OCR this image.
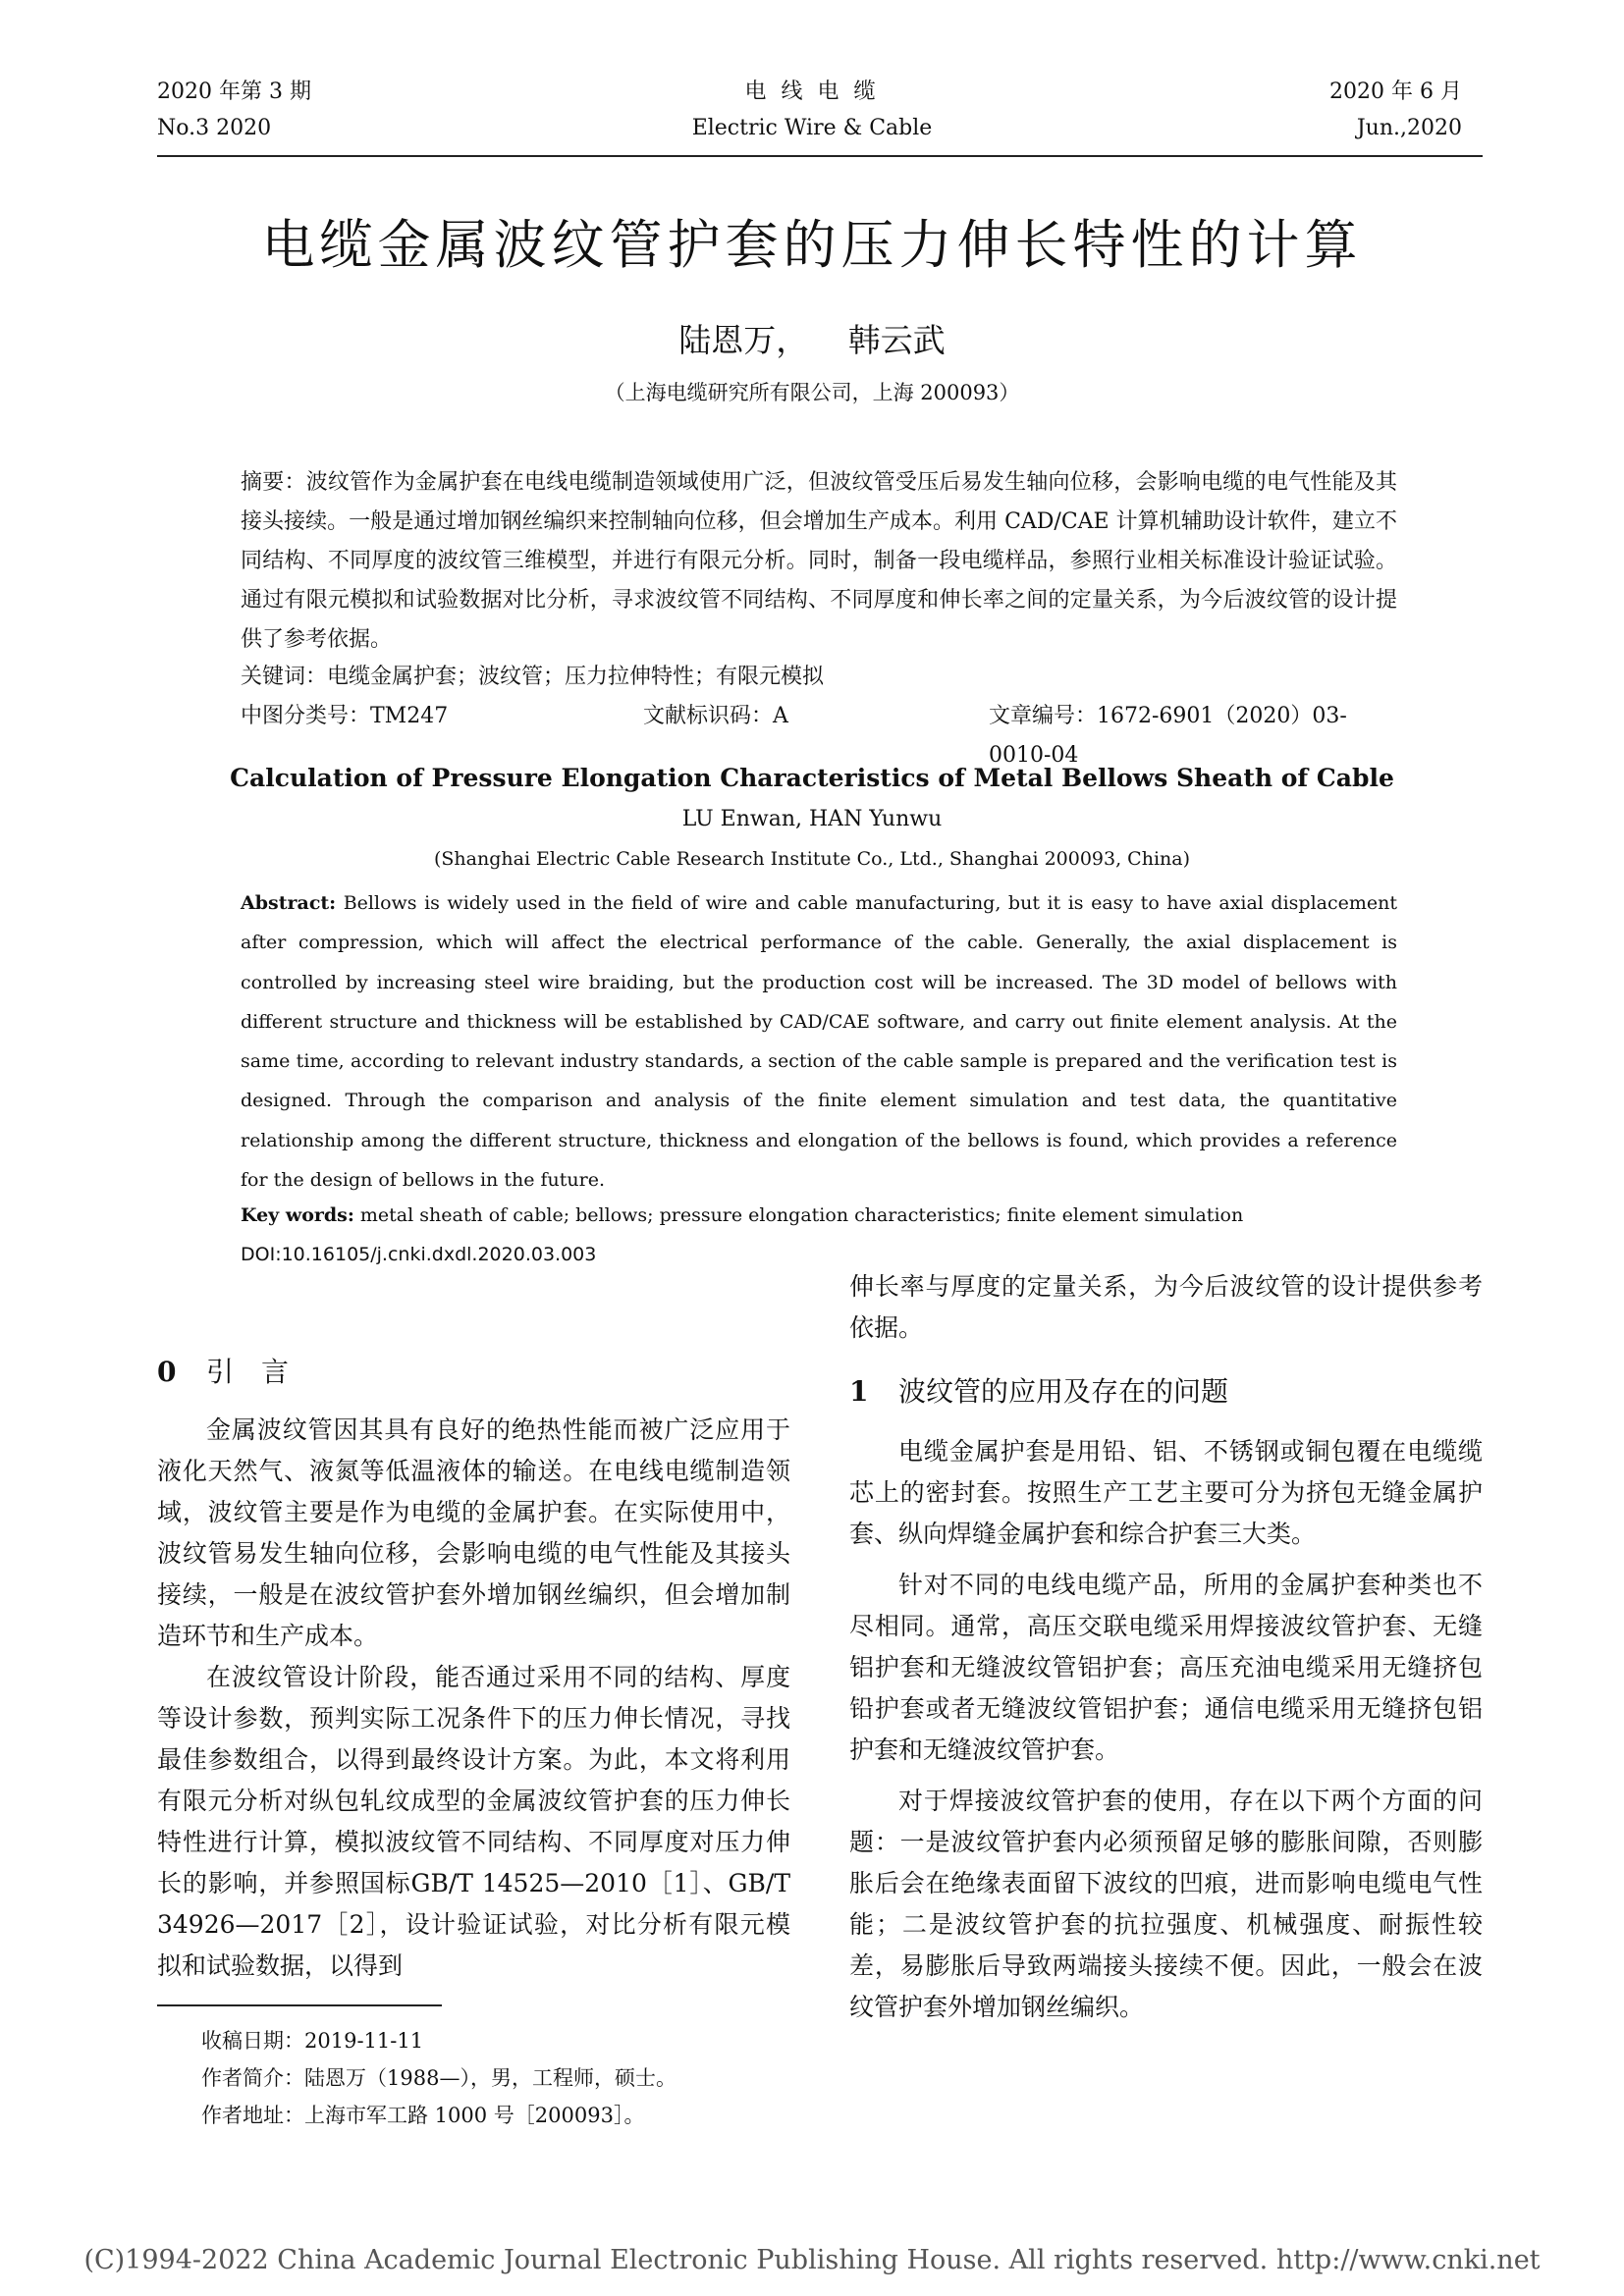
2020 年第 3 期
No.3 2020
电 线 电 缆
Electric Wire & Cable
2020 年 6 月
Jun.,2020
电缆金属波纹管护套的压力伸长特性的计算
陆恩万， 韩云武
（上海电缆研究所有限公司，上海 200093）
摘要：波纹管作为金属护套在电线电缆制造领域使用广泛，但波纹管受压后易发生轴向位移，会影响电缆的电气性能及其接头接续。一般是通过增加钢丝编织来控制轴向位移，但会增加生产成本。利用 CAD/CAE 计算机辅助设计软件，建立不同结构、不同厚度的波纹管三维模型，并进行有限元分析。同时，制备一段电缆样品，参照行业相关标准设计验证试验。通过有限元模拟和试验数据对比分析，寻求波纹管不同结构、不同厚度和伸长率之间的定量关系，为今后波纹管的设计提供了参考依据。
关键词：电缆金属护套；波纹管；压力拉伸特性；有限元模拟
中图分类号：TM247	文献标识码：A	文章编号：1672-6901（2020）03-0010-04
Calculation of Pressure Elongation Characteristics of Metal Bellows Sheath of Cable
LU Enwan, HAN Yunwu
(Shanghai Electric Cable Research Institute Co., Ltd., Shanghai 200093, China)
Abstract: Bellows is widely used in the field of wire and cable manufacturing, but it is easy to have axial displacement after compression, which will affect the electrical performance of the cable. Generally, the axial displacement is controlled by increasing steel wire braiding, but the production cost will be increased. The 3D model of bellows with different structure and thickness will be established by CAD/CAE software, and carry out finite element analysis. At the same time, according to relevant industry standards, a section of the cable sample is prepared and the verification test is designed. Through the comparison and analysis of the finite element simulation and test data, the quantitative relationship among the different structure, thickness and elongation of the bellows is found, which provides a reference for the design of bellows in the future.
Key words: metal sheath of cable; bellows; pressure elongation characteristics; finite element simulation
DOI:10.16105/j.cnki.dxdl.2020.03.003
0 引　言

金属波纹管因其具有良好的绝热性能而被广泛应用于液化天然气、液氮等低温液体的输送。在电线电缆制造领域，波纹管主要是作为电缆的金属护套。在实际使用中，波纹管易发生轴向位移，会影响电缆的电气性能及其接头接续，一般是在波纹管护套外增加钢丝编织，但会增加制造环节和生产成本。

在波纹管设计阶段，能否通过采用不同的结构、厚度等设计参数，预判实际工况条件下的压力伸长情况，寻找最佳参数组合，以得到最终设计方案。为此，本文将利用有限元分析对纵包轧纹成型的金属波纹管护套的压力伸长特性进行计算，模拟波纹管不同结构、不同厚度对压力伸长的影响，并参照国标GB/T 14525—2010［1］、GB/T 34926—2017［2］，设计验证试验，对比分析有限元模拟和试验数据，以得到

伸长率与厚度的定量关系，为今后波纹管的设计提供参考依据。

1 波纹管的应用及存在的问题

电缆金属护套是用铅、铝、不锈钢或铜包覆在电缆缆芯上的密封套。按照生产工艺主要可分为挤包无缝金属护套、纵向焊缝金属护套和综合护套三大类。

针对不同的电线电缆产品，所用的金属护套种类也不尽相同。通常，高压交联电缆采用焊接波纹管护套、无缝铝护套和无缝波纹管铝护套；高压充油电缆采用无缝挤包铅护套或者无缝波纹管铝护套；通信电缆采用无缝挤包铝护套和无缝波纹管护套。

对于焊接波纹管护套的使用，存在以下两个方面的问题：一是波纹管护套内必须预留足够的膨胀间隙，否则膨胀后会在绝缘表面留下波纹的凹痕，进而影响电缆电气性能；二是波纹管护套的抗拉强度、机械强度、耐振性较差，易膨胀后导致两端接头接续不便。因此，一般会在波纹管护套外增加钢丝编织。

收稿日期：2019-11-11
作者简介：陆恩万（1988—），男，工程师，硕士。
作者地址：上海市军工路 1000 号［200093］。
(C)1994-2022 China Academic Journal Electronic Publishing House. All rights reserved. http://www.cnki.net
